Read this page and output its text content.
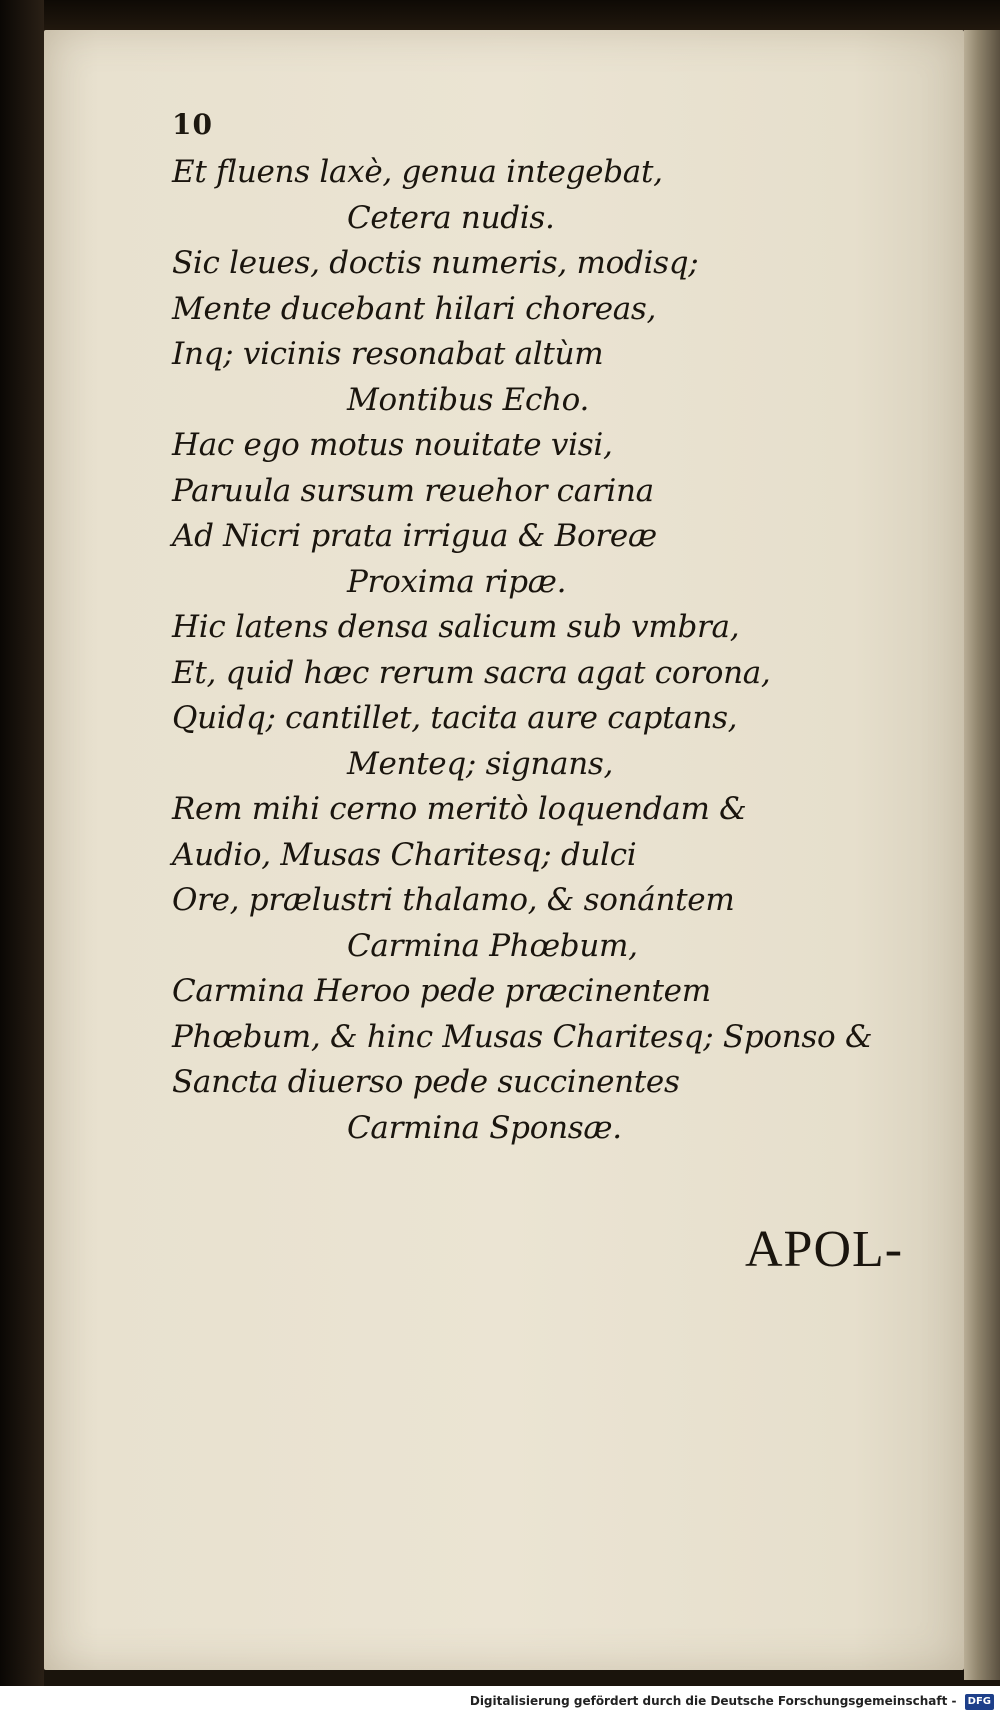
10
Et fluens laxè, genua integebat,
Cetera nudis.
Sic leues, doctis numeris, modisq;
Mente ducebant hilari choreas,
Inq; vicinis resonabat altùm
Montibus Echo.
Hac ego motus nouitate visi,
Paruula sursum reuehor carina
Ad Nicri prata irrigua & Boreæ
Proxima ripæ.
Hic latens densa salicum sub vmbra,
Et, quid hæc rerum sacra agat corona,
Quidq; cantillet, tacita aure captans,
Menteq; signans,
Rem mihi cerno meritò loquendam &
Audio, Musas Charitesq; dulci
Ore, prælustri thalamo, & sonántem
Carmina Phœbum,
Carmina Heroo pede præcinentem
Phœbum, & hinc Musas Charitesq; Sponso &
Sancta diuerso pede succinentes
Carmina Sponsæ.
APOL-
Digitalisierung gefördert durch die Deutsche Forschungsgemeinschaft - DFG
